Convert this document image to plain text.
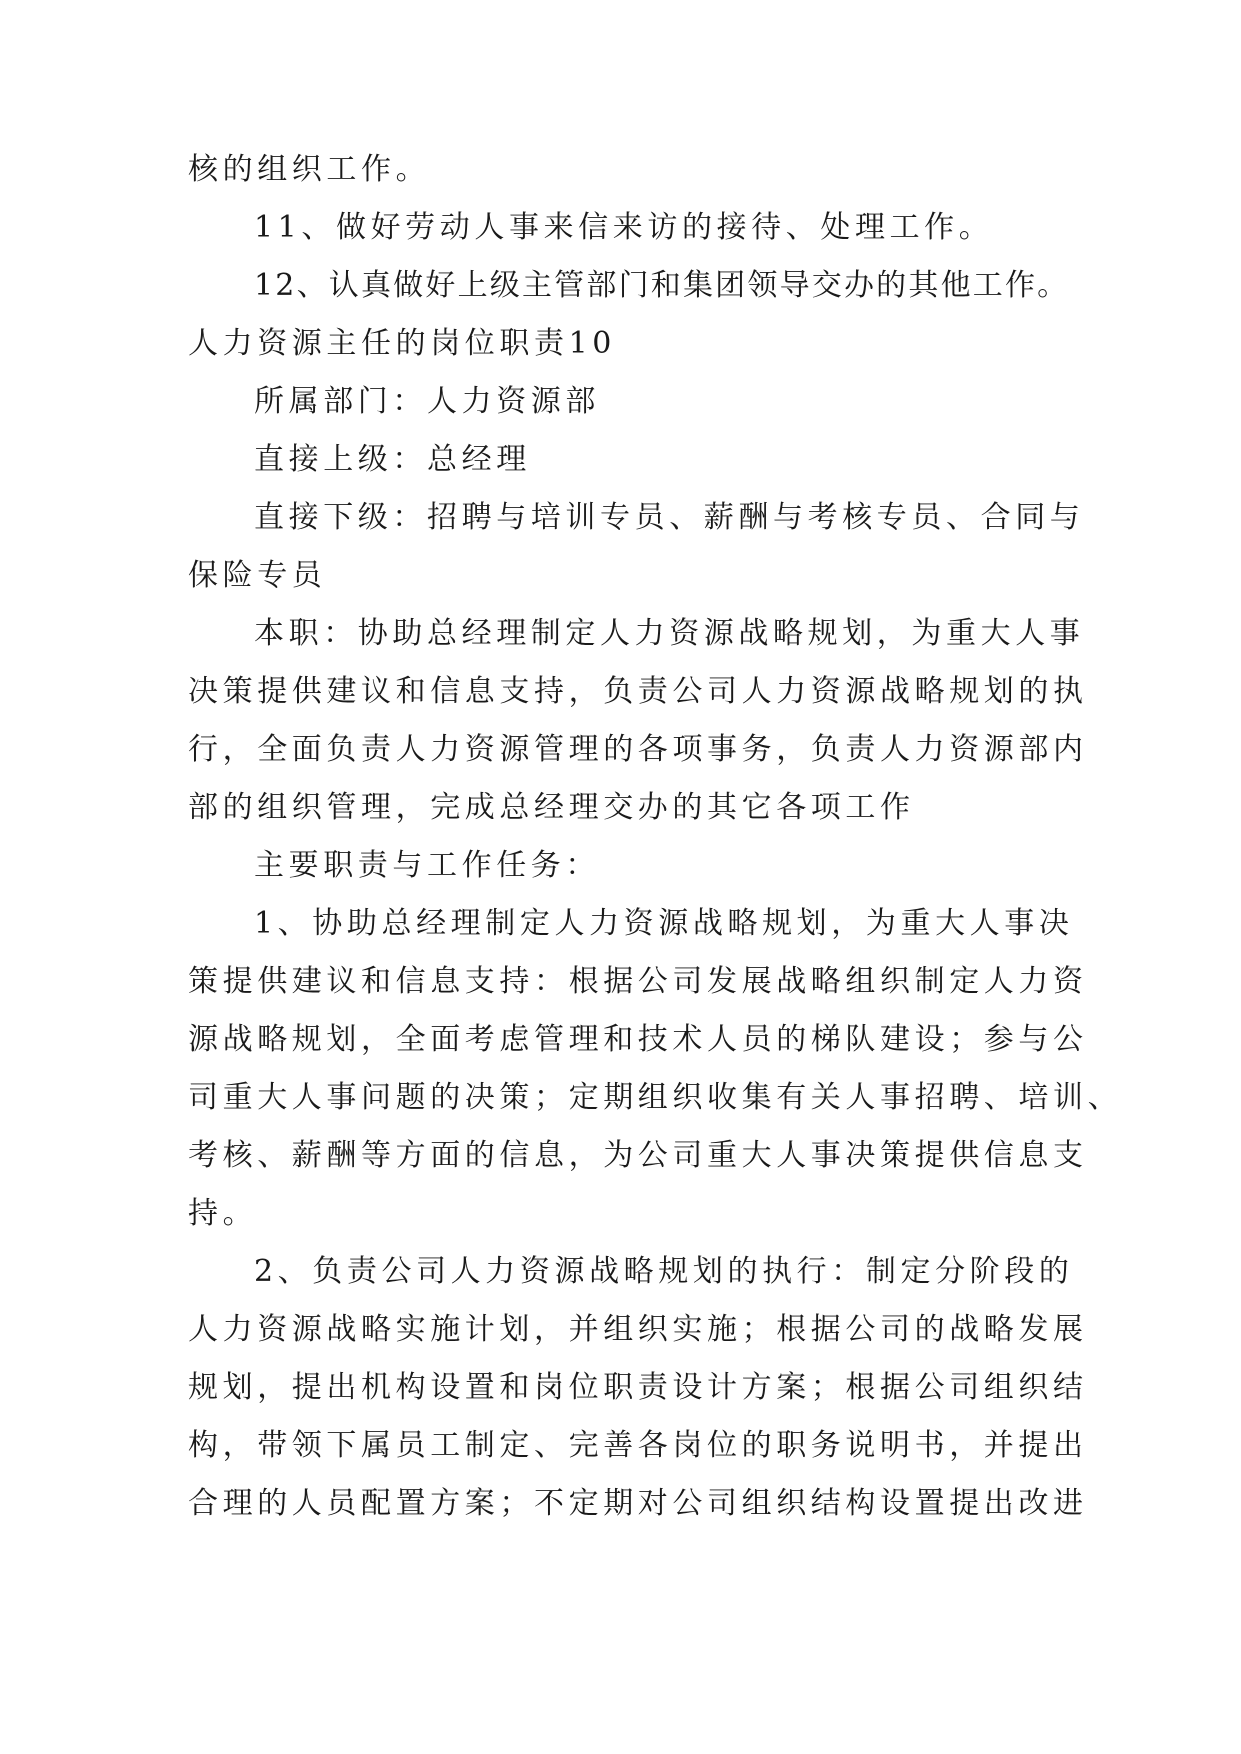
核的组织工作。
11、做好劳动人事来信来访的接待、处理工作。
12、认真做好上级主管部门和集团领导交办的其他工作。
人力资源主任的岗位职责10
所属部门：人力资源部
直接上级：总经理
直接下级：招聘与培训专员、薪酬与考核专员、合同与
保险专员
本职：协助总经理制定人力资源战略规划，为重大人事
决策提供建议和信息支持，负责公司人力资源战略规划的执
行，全面负责人力资源管理的各项事务，负责人力资源部内
部的组织管理，完成总经理交办的其它各项工作
主要职责与工作任务：
1、协助总经理制定人力资源战略规划，为重大人事决
策提供建议和信息支持：根据公司发展战略组织制定人力资
源战略规划，全面考虑管理和技术人员的梯队建设；参与公
司重大人事问题的决策；定期组织收集有关人事招聘、培训、
考核、薪酬等方面的信息，为公司重大人事决策提供信息支
持。
2、负责公司人力资源战略规划的执行：制定分阶段的
人力资源战略实施计划，并组织实施；根据公司的战略发展
规划，提出机构设置和岗位职责设计方案；根据公司组织结
构，带领下属员工制定、完善各岗位的职务说明书，并提出
合理的人员配置方案；不定期对公司组织结构设置提出改进
